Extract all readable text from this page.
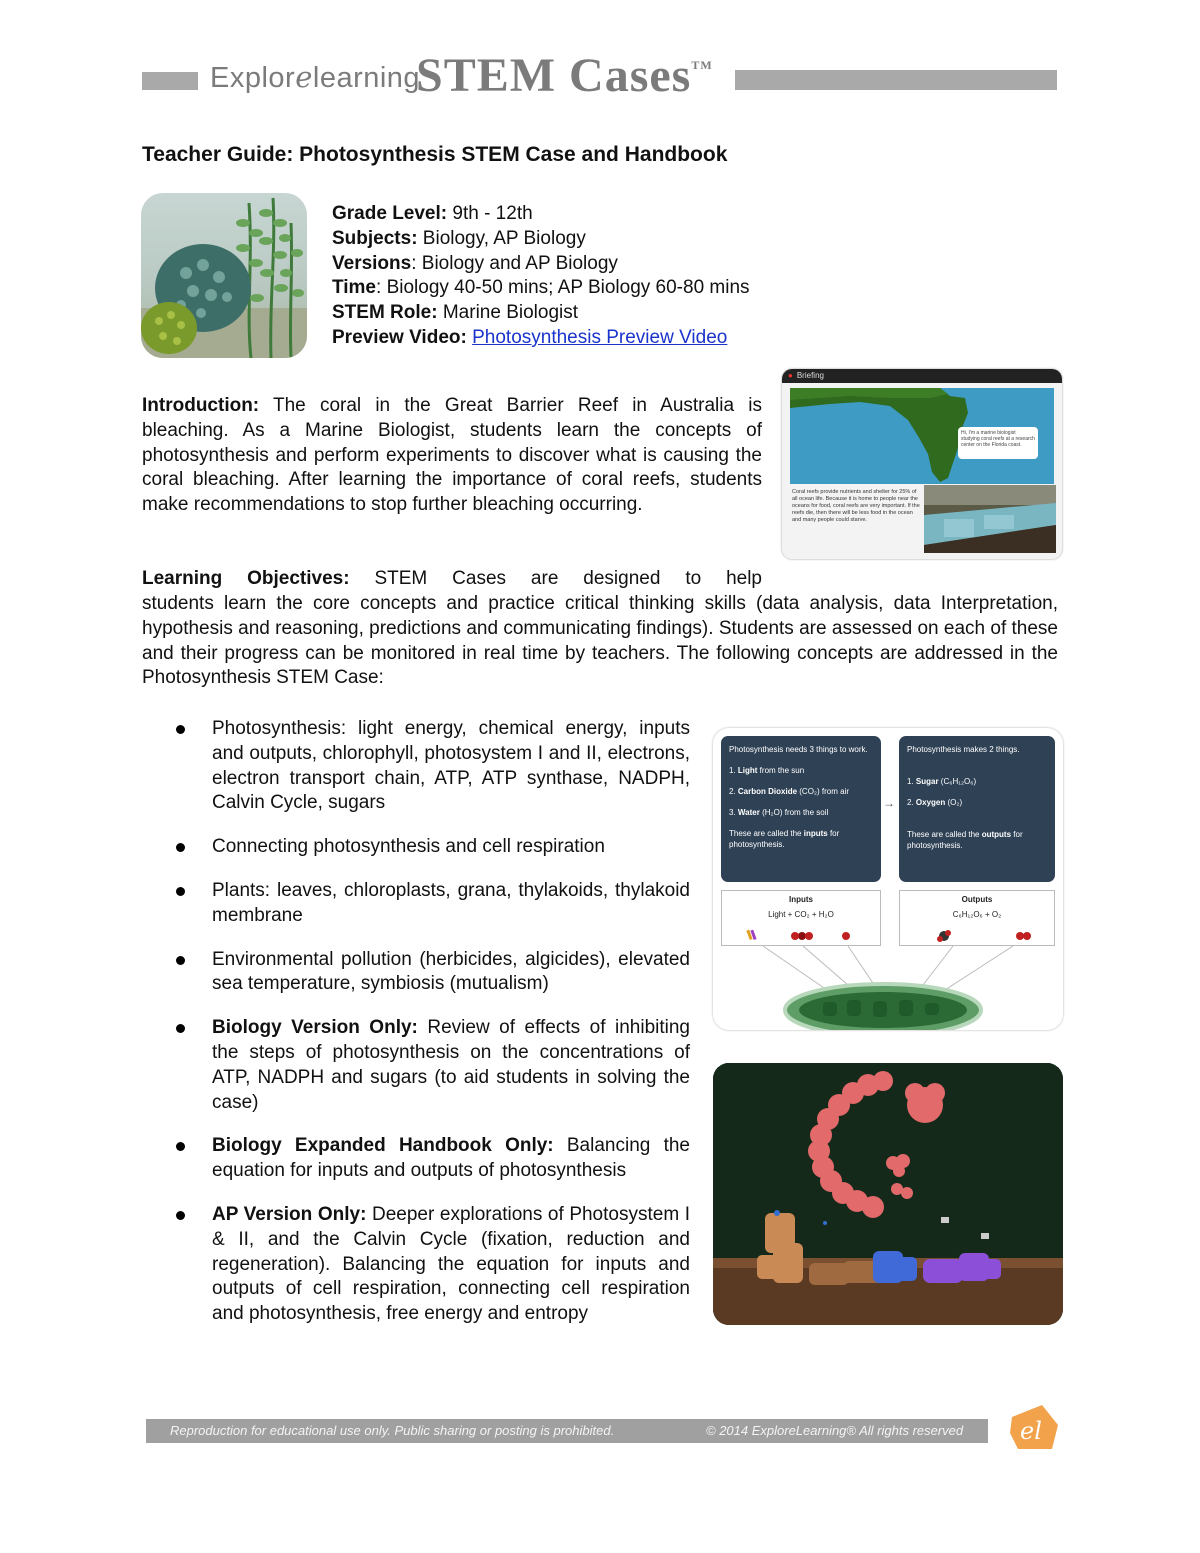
Explorelearning
STEM Cases™
Teacher Guide: Photosynthesis STEM Case and Handbook
Grade Level: 9th - 12th
Subjects: Biology, AP Biology
Versions: Biology and AP Biology
Time: Biology 40-50 mins; AP Biology 60-80 mins
STEM Role: Marine Biologist
Preview Video: Photosynthesis Preview Video
Introduction: The coral in the Great Barrier Reef in Australia is bleaching. As a Marine Biologist, students learn the concepts of photosynthesis and perform experiments to discover what is causing the coral bleaching. After learning the importance of coral reefs, students make recommendations to stop further bleaching occurring.
● Briefing
Hi, I'm a marine biologist studying coral reefs at a research center on the Florida coast.
Coral reefs provide nutrients and shelter for 25% of all ocean life. Because it is home to people near the oceans for food, coral reefs are very important. If the reefs die, then there will be less food in the ocean and many people could starve.
Learning Objectives: STEM Cases are designed to help
students learn the core concepts and practice critical thinking skills (data analysis, data Interpretation, hypothesis and reasoning, predictions and communicating findings). Students are assessed on each of these and their progress can be monitored in real time by teachers. The following concepts are addressed in the Photosynthesis STEM Case:
Photosynthesis: light energy, chemical energy, inputs and outputs, chlorophyll, photosystem I and II, electrons, electron transport chain, ATP, ATP synthase, NADPH, Calvin Cycle, sugars
Connecting photosynthesis and cell respiration
Plants: leaves, chloroplasts, grana, thylakoids, thylakoid membrane
Environmental pollution (herbicides, algicides), elevated sea temperature, symbiosis (mutualism)
Biology Version Only: Review of effects of inhibiting the steps of photosynthesis on the concentrations of ATP, NADPH and sugars (to aid students in solving the case)
Biology Expanded Handbook Only: Balancing the equation for inputs and outputs of photosynthesis
AP Version Only: Deeper explorations of Photosystem I & II, and the Calvin Cycle (fixation, reduction and regeneration). Balancing the equation for inputs and outputs of cell respiration, connecting cell respiration and photosynthesis, free energy and entropy
Photosynthesis needs 3 things to work.
1. Light from the sun
2. Carbon Dioxide (CO₂) from air
3. Water (H₂O) from the soil
These are called the inputs for photosynthesis.
→
Photosynthesis makes 2 things.
1. Sugar (C₆H₁₂O₆)
2. Oxygen (O₂)
These are called the outputs for photosynthesis.
Inputs
Light + CO₂ + H₂O
Outputs
C₆H₁₂O₆ + O₂
Reproduction for educational use only. Public sharing or posting is prohibited.	© 2014 ExploreLearning® All rights reserved el
